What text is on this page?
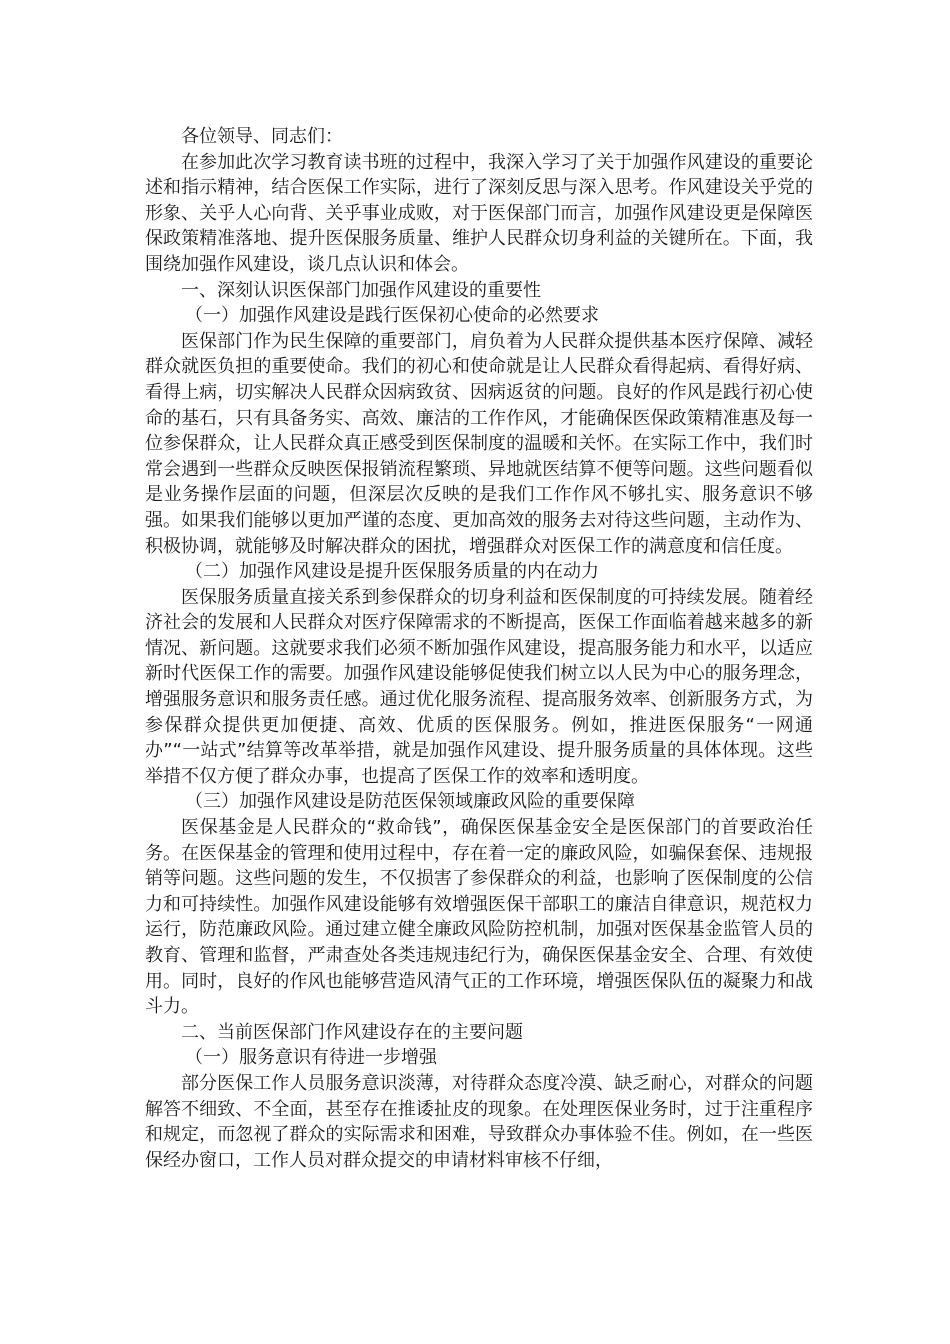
各位领导、同志们：

在参加此次学习教育读书班的过程中，我深入学习了关于加强作风建设的重要论述和指示精神，结合医保工作实际，进行了深刻反思与深入思考。作风建设关乎党的形象、关乎人心向背、关乎事业成败，对于医保部门而言，加强作风建设更是保障医保政策精准落地、提升医保服务质量、维护人民群众切身利益的关键所在。下面，我围绕加强作风建设，谈几点认识和体会。

一、深刻认识医保部门加强作风建设的重要性

（一）加强作风建设是践行医保初心使命的必然要求

医保部门作为民生保障的重要部门，肩负着为人民群众提供基本医疗保障、减轻群众就医负担的重要使命。我们的初心和使命就是让人民群众看得起病、看得好病、看得上病，切实解决人民群众因病致贫、因病返贫的问题。良好的作风是践行初心使命的基石，只有具备务实、高效、廉洁的工作作风，才能确保医保政策精准惠及每一位参保群众，让人民群众真正感受到医保制度的温暖和关怀。在实际工作中，我们时常会遇到一些群众反映医保报销流程繁琐、异地就医结算不便等问题。这些问题看似是业务操作层面的问题，但深层次反映的是我们工作作风不够扎实、服务意识不够强。如果我们能够以更加严谨的态度、更加高效的服务去对待这些问题，主动作为、积极协调，就能够及时解决群众的困扰，增强群众对医保工作的满意度和信任度。

（二）加强作风建设是提升医保服务质量的内在动力

医保服务质量直接关系到参保群众的切身利益和医保制度的可持续发展。随着经济社会的发展和人民群众对医疗保障需求的不断提高，医保工作面临着越来越多的新情况、新问题。这就要求我们必须不断加强作风建设，提高服务能力和水平，以适应新时代医保工作的需要。加强作风建设能够促使我们树立以人民为中心的服务理念，增强服务意识和服务责任感。通过优化服务流程、提高服务效率、创新服务方式，为参保群众提供更加便捷、高效、优质的医保服务。例如，推进医保服务“一网通办”“一站式”结算等改革举措，就是加强作风建设、提升服务质量的具体体现。这些举措不仅方便了群众办事，也提高了医保工作的效率和透明度。

（三）加强作风建设是防范医保领域廉政风险的重要保障

医保基金是人民群众的“救命钱”，确保医保基金安全是医保部门的首要政治任务。在医保基金的管理和使用过程中，存在着一定的廉政风险，如骗保套保、违规报销等问题。这些问题的发生，不仅损害了参保群众的利益，也影响了医保制度的公信力和可持续性。加强作风建设能够有效增强医保干部职工的廉洁自律意识，规范权力运行，防范廉政风险。通过建立健全廉政风险防控机制，加强对医保基金监管人员的教育、管理和监督，严肃查处各类违规违纪行为，确保医保基金安全、合理、有效使用。同时，良好的作风也能够营造风清气正的工作环境，增强医保队伍的凝聚力和战斗力。

二、当前医保部门作风建设存在的主要问题

（一）服务意识有待进一步增强

部分医保工作人员服务意识淡薄，对待群众态度冷漠、缺乏耐心，对群众的问题解答不细致、不全面，甚至存在推诿扯皮的现象。在处理医保业务时，过于注重程序和规定，而忽视了群众的实际需求和困难，导致群众办事体验不佳。例如，在一些医保经办窗口，工作人员对群众提交的申请材料审核不仔细，
